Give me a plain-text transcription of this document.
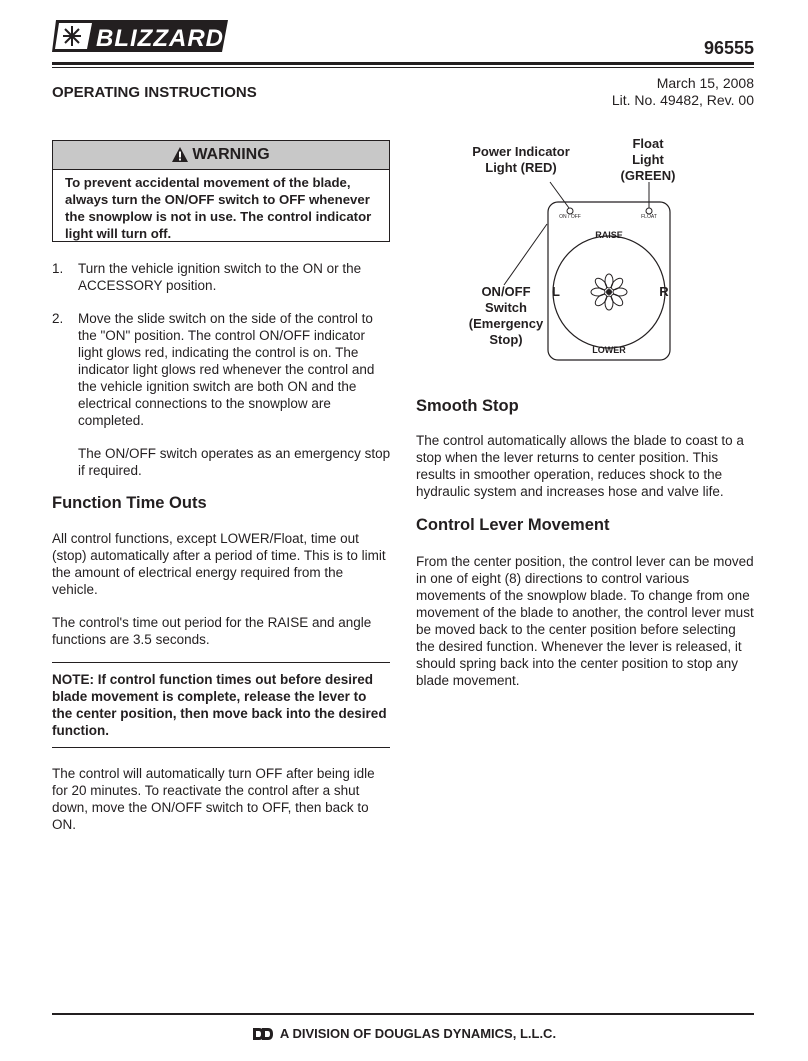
BLIZZARD	96555
OPERATING INSTRUCTIONS
March 15, 2008
Lit. No. 49482, Rev. 00
WARNING
To prevent accidental movement of the blade, always turn the ON/OFF switch to OFF whenever the snowplow is not in use. The control indicator light will turn off.
1. Turn the vehicle ignition switch to the ON or the ACCESSORY position.

2. Move the slide switch on the side of the control to the "ON" position. The control ON/OFF indicator light glows red, indicating the control is on. The indicator light glows red whenever the control and the vehicle ignition switch are both ON and the electrical connections to the snowplow are completed.

The ON/OFF switch operates as an emergency stop if required.

Function Time Outs
All control functions, except LOWER/Float, time out (stop) automatically after a period of time. This is to limit the amount of electrical energy required from the vehicle.
The control's time out period for the RAISE and angle functions are 3.5 seconds.
NOTE: If control function times out before desired blade movement is complete, release the lever to the center position, then move back into the desired function.
The control will automatically turn OFF after being idle for 20 minutes. To reactivate the control after a shut down, move the ON/OFF switch to OFF, then back to ON.
Power Indicator
Light (RED)
Float
Light
(GREEN)
ON/OFF
Switch
(Emergency
Stop)
ON / OFF	FLOAT
RAISE
LOWER
L	R
Smooth Stop
The control automatically allows the blade to coast to a stop when the lever returns to center position. This results in smoother operation, reduces shock to the hydraulic system and increases hose and valve life.
Control Lever Movement
From the center position, the control lever can be moved in one of eight (8) directions to control various movements of the snowplow blade. To change from one movement of the blade to another, the control lever must be moved back to the center position before selecting the desired function. Whenever the lever is released, it should spring back into the center position to stop any blade movement.
A DIVISION OF DOUGLAS DYNAMICS, L.L.C.
